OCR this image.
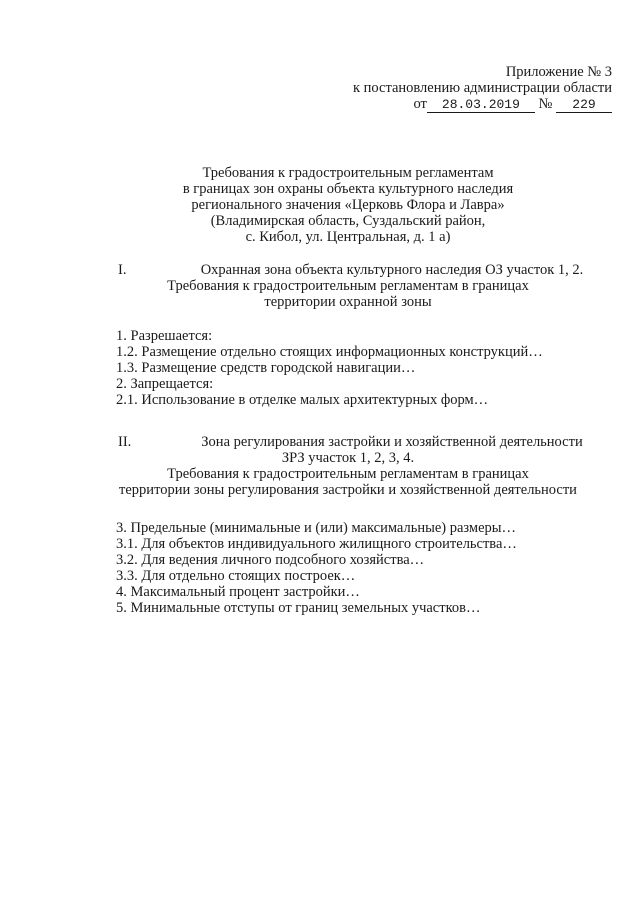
Приложение № 3
к постановлению администрации области
от 28.03.2019 № 229
Требования к градостроительным регламентам
в границах зон охраны объекта культурного наследия
регионального значения «Церковь Флора и Лавра»
(Владимирская область, Суздальский район,
с. Кибол, ул. Центральная, д. 1 а)
I.	Охранная зона объекта культурного наследия ОЗ участок 1, 2.
Требования к градостроительным регламентам в границах
территории охранной зоны

1. Разрешается:

1.2. Размещение отдельно стоящих информационных конструкций…

1.3. Размещение средств городской навигации…

2. Запрещается:

2.1. Использование в отделке малых архитектурных форм…

II.	Зона регулирования застройки и хозяйственной деятельности
ЗРЗ участок 1, 2, 3, 4.
Требования к градостроительным регламентам в границах
территории зоны регулирования застройки и хозяйственной деятельности

3. Предельные (минимальные и (или) максимальные) размеры…

3.1. Для объектов индивидуального жилищного строительства…

3.2. Для ведения личного подсобного хозяйства…

3.3. Для отдельно стоящих построек…

4. Максимальный процент застройки…

5. Минимальные отступы от границ земельных участков…
